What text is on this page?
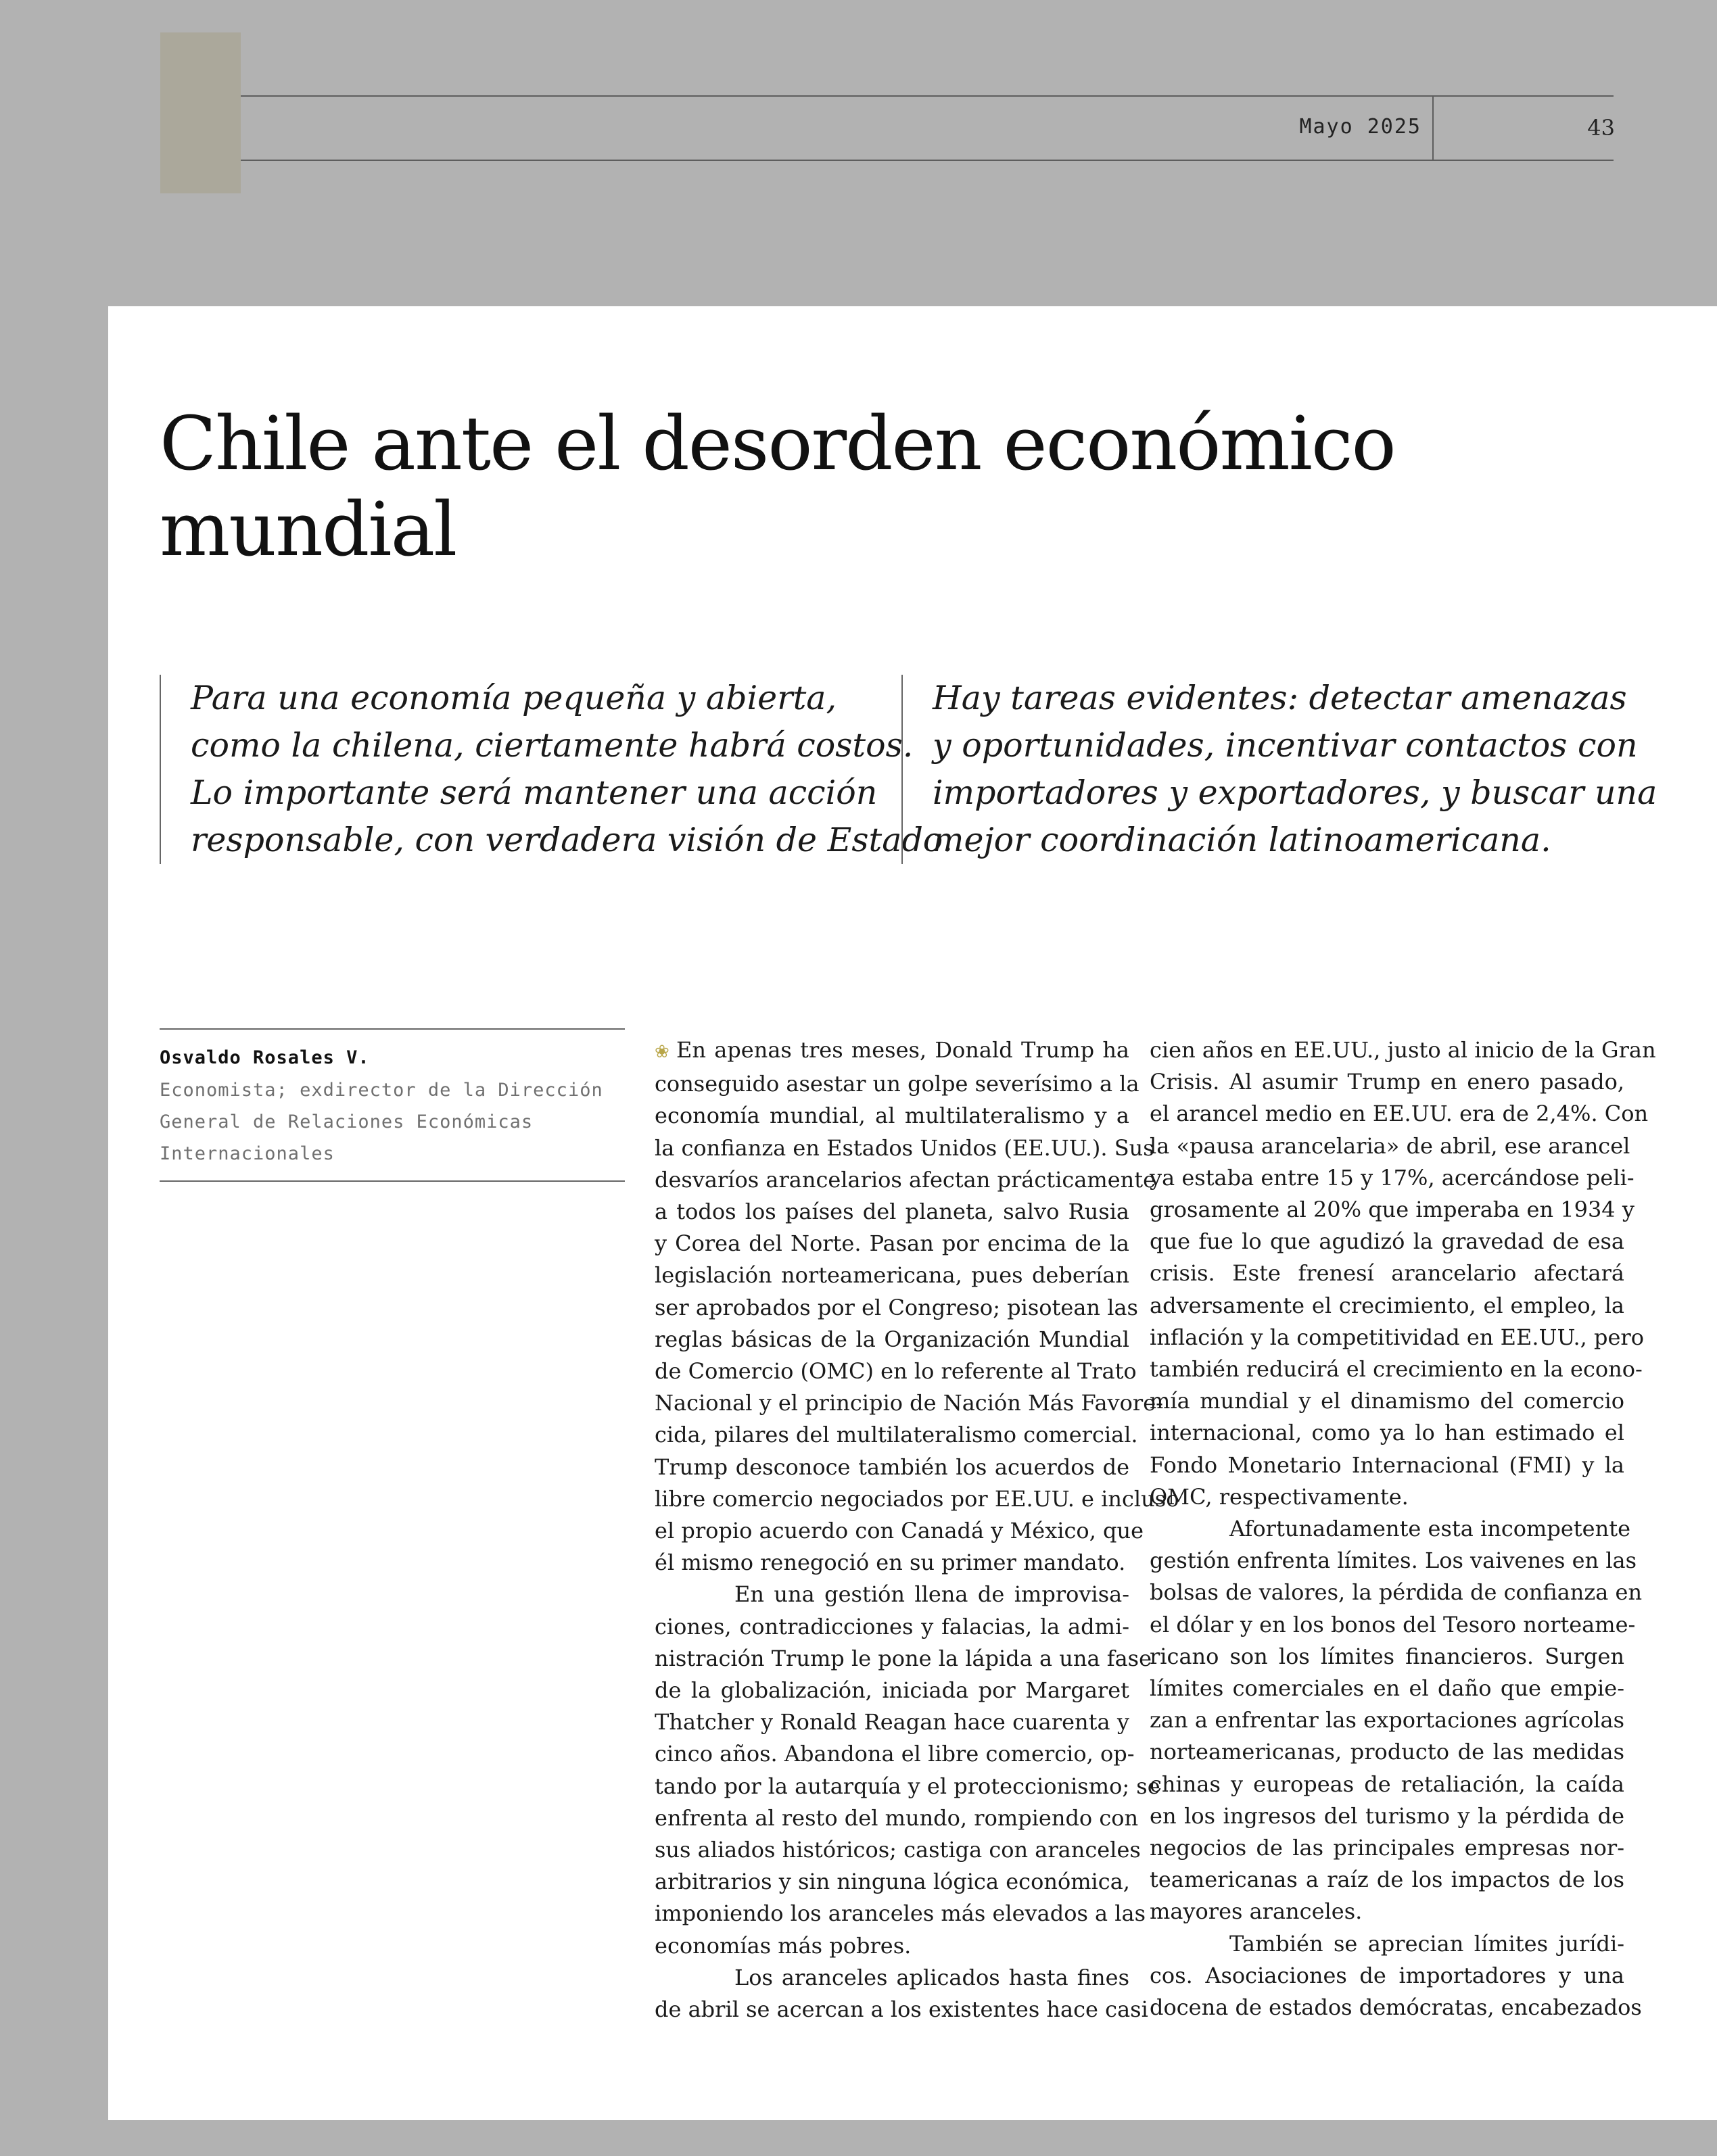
Mayo 2025	43
Chile ante el desorden económico mundial
Para una economía pequeña y abierta,
como la chilena, ciertamente habrá costos.
Lo importante será mantener una acción
responsable, con verdadera visión de Estado.
Hay tareas evidentes: detectar amenazas
y oportunidades, incentivar contactos con
importadores y exportadores, y buscar una
mejor coordinación latinoamericana.
Osvaldo Rosales V.
Economista; exdirector de la Dirección
General de Relaciones Económicas
Internacionales
❀ En apenas tres meses, Donald Trump ha
conseguido asestar un golpe severísimo a la
economía mundial, al multilateralismo y a
la confianza en Estados Unidos (EE.UU.). Sus
desvaríos arancelarios afectan prácticamente
a todos los países del planeta, salvo Rusia
y Corea del Norte. Pasan por encima de la
legislación norteamericana, pues deberían
ser aprobados por el Congreso; pisotean las
reglas básicas de la Organización Mundial
de Comercio (OMC) en lo referente al Trato
Nacional y el principio de Nación Más Favore-
cida, pilares del multilateralismo comercial.
Trump desconoce también los acuerdos de
libre comercio negociados por EE.UU. e incluso
el propio acuerdo con Canadá y México, que
él mismo renegoció en su primer mandato.
En una gestión llena de improvisa-
ciones, contradicciones y falacias, la admi-
nistración Trump le pone la lápida a una fase
de la globalización, iniciada por Margaret
Thatcher y Ronald Reagan hace cuarenta y
cinco años. Abandona el libre comercio, op-
tando por la autarquía y el proteccionismo; se
enfrenta al resto del mundo, rompiendo con
sus aliados históricos; castiga con aranceles
arbitrarios y sin ninguna lógica económica,
imponiendo los aranceles más elevados a las
economías más pobres.
Los aranceles aplicados hasta fines
de abril se acercan a los existentes hace casi
cien años en EE.UU., justo al inicio de la Gran
Crisis. Al asumir Trump en enero pasado,
el arancel medio en EE.UU. era de 2,4%. Con
la «pausa arancelaria» de abril, ese arancel
ya estaba entre 15 y 17%, acercándose peli-
grosamente al 20% que imperaba en 1934 y
que fue lo que agudizó la gravedad de esa
crisis. Este frenesí arancelario afectará
adversamente el crecimiento, el empleo, la
inflación y la competitividad en EE.UU., pero
también reducirá el crecimiento en la econo-
mía mundial y el dinamismo del comercio
internacional, como ya lo han estimado el
Fondo Monetario Internacional (FMI) y la
OMC, respectivamente.
Afortunadamente esta incompetente
gestión enfrenta límites. Los vaivenes en las
bolsas de valores, la pérdida de confianza en
el dólar y en los bonos del Tesoro norteame-
ricano son los límites financieros. Surgen
límites comerciales en el daño que empie-
zan a enfrentar las exportaciones agrícolas
norteamericanas, producto de las medidas
chinas y europeas de retaliación, la caída
en los ingresos del turismo y la pérdida de
negocios de las principales empresas nor-
teamericanas a raíz de los impactos de los
mayores aranceles.
También se aprecian límites jurídi-
cos. Asociaciones de importadores y una
docena de estados demócratas, encabezados
